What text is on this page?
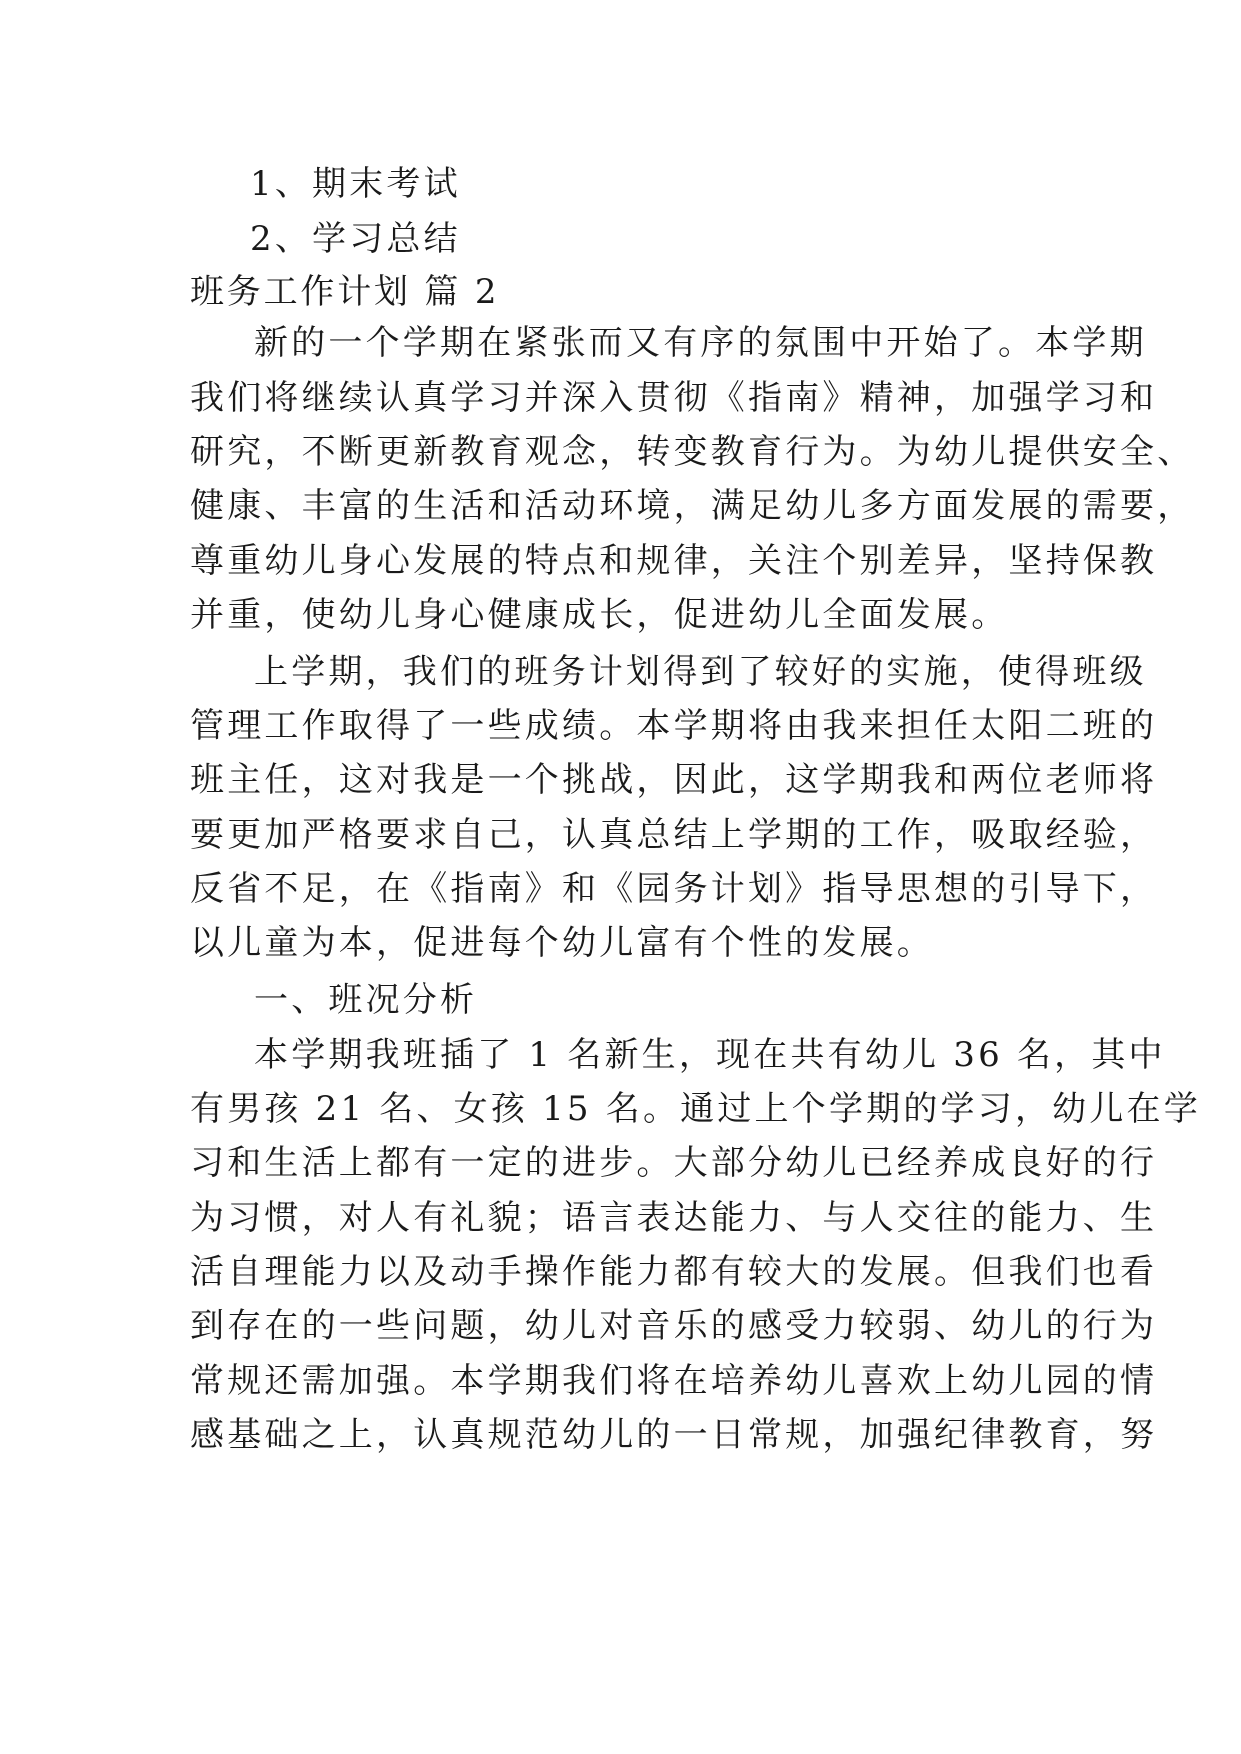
1、期末考试
2、学习总结
班务工作计划 篇 2
新的一个学期在紧张而又有序的氛围中开始了。本学期
我们将继续认真学习并深入贯彻《指南》精神，加强学习和
研究，不断更新教育观念，转变教育行为。为幼儿提供安全、
健康、丰富的生活和活动环境，满足幼儿多方面发展的需要，
尊重幼儿身心发展的特点和规律，关注个别差异，坚持保教
并重，使幼儿身心健康成长，促进幼儿全面发展。
上学期，我们的班务计划得到了较好的实施，使得班级
管理工作取得了一些成绩。本学期将由我来担任太阳二班的
班主任，这对我是一个挑战，因此，这学期我和两位老师将
要更加严格要求自己，认真总结上学期的工作，吸取经验，
反省不足，在《指南》和《园务计划》指导思想的引导下，
以儿童为本，促进每个幼儿富有个性的发展。
一、班况分析
本学期我班插了 1 名新生，现在共有幼儿 36 名，其中
有男孩 21 名、女孩 15 名。通过上个学期的学习，幼儿在学
习和生活上都有一定的进步。大部分幼儿已经养成良好的行
为习惯，对人有礼貌；语言表达能力、与人交往的能力、生
活自理能力以及动手操作能力都有较大的发展。但我们也看
到存在的一些问题，幼儿对音乐的感受力较弱、幼儿的行为
常规还需加强。本学期我们将在培养幼儿喜欢上幼儿园的情
感基础之上，认真规范幼儿的一日常规，加强纪律教育，努
